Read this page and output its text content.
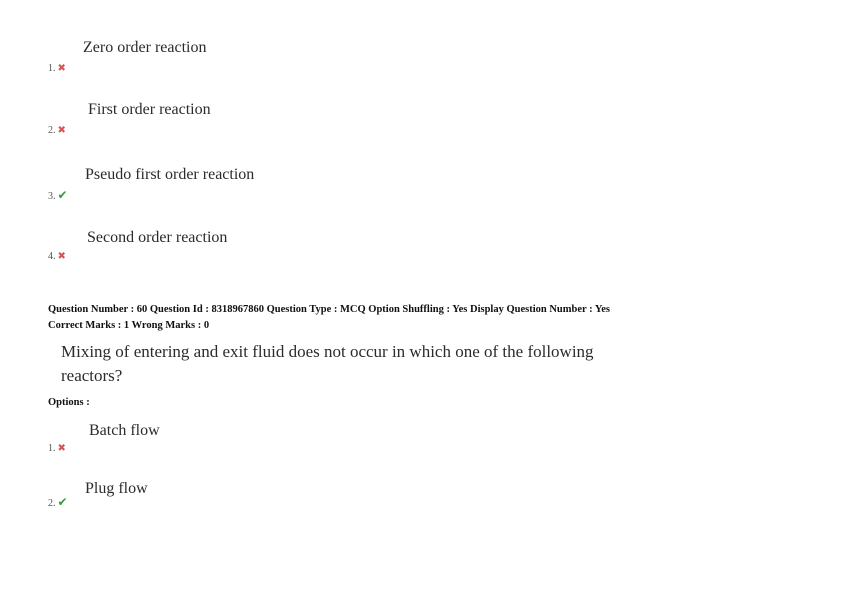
Zero order reaction
1. ✖
First order reaction
2. ✖
Pseudo first order reaction
3. ✔
Second order reaction
4. ✖
Question Number : 60 Question Id : 8318967860 Question Type : MCQ Option Shuffling : Yes Display Question Number : Yes
Correct Marks : 1 Wrong Marks : 0
Mixing of entering and exit fluid does not occur in which one of the following reactors?
Options :
Batch flow
1. ✖
Plug flow
2. ✔
